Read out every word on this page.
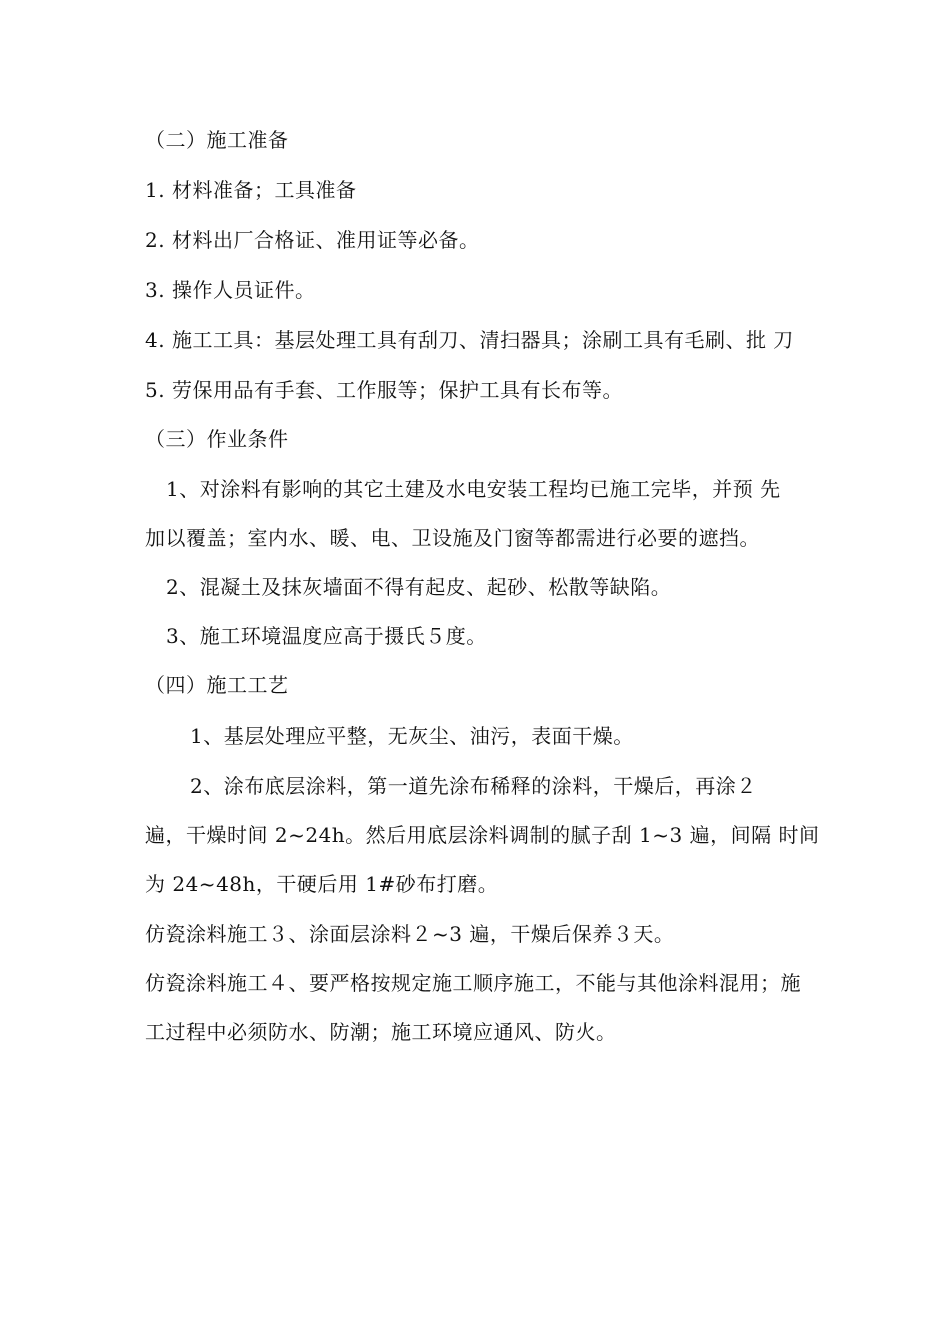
（二）施工准备
1. 材料准备；工具准备
2. 材料出厂合格证、准用证等必备。
3. 操作人员证件。
4. 施工工具：基层处理工具有刮刀、清扫器具；涂刷工具有毛刷、批 刀
5. 劳保用品有手套、工作服等；保护工具有长布等。
（三）作业条件
1、对涂料有影响的其它土建及水电安装工程均已施工完毕，并预 先
加以覆盖；室内水、暖、电、卫设施及门窗等都需进行必要的遮挡。
2、混凝土及抹灰墙面不得有起皮、起砂、松散等缺陷。
3、施工环境温度应高于摄氏５度。
（四）施工工艺
1、基层处理应平整，无灰尘、油污，表面干燥。
2、涂布底层涂料，第一道先涂布稀释的涂料，干燥后，再涂２
遍，干燥时间 2~24h。然后用底层涂料调制的腻子刮 1~3 遍，间隔 时间
为 24~48h，干硬后用 1#砂布打磨。
仿瓷涂料施工３、涂面层涂料２~3 遍，干燥后保养３天。
仿瓷涂料施工４、要严格按规定施工顺序施工，不能与其他涂料混用；施
工过程中必须防水、防潮；施工环境应通风、防火。
